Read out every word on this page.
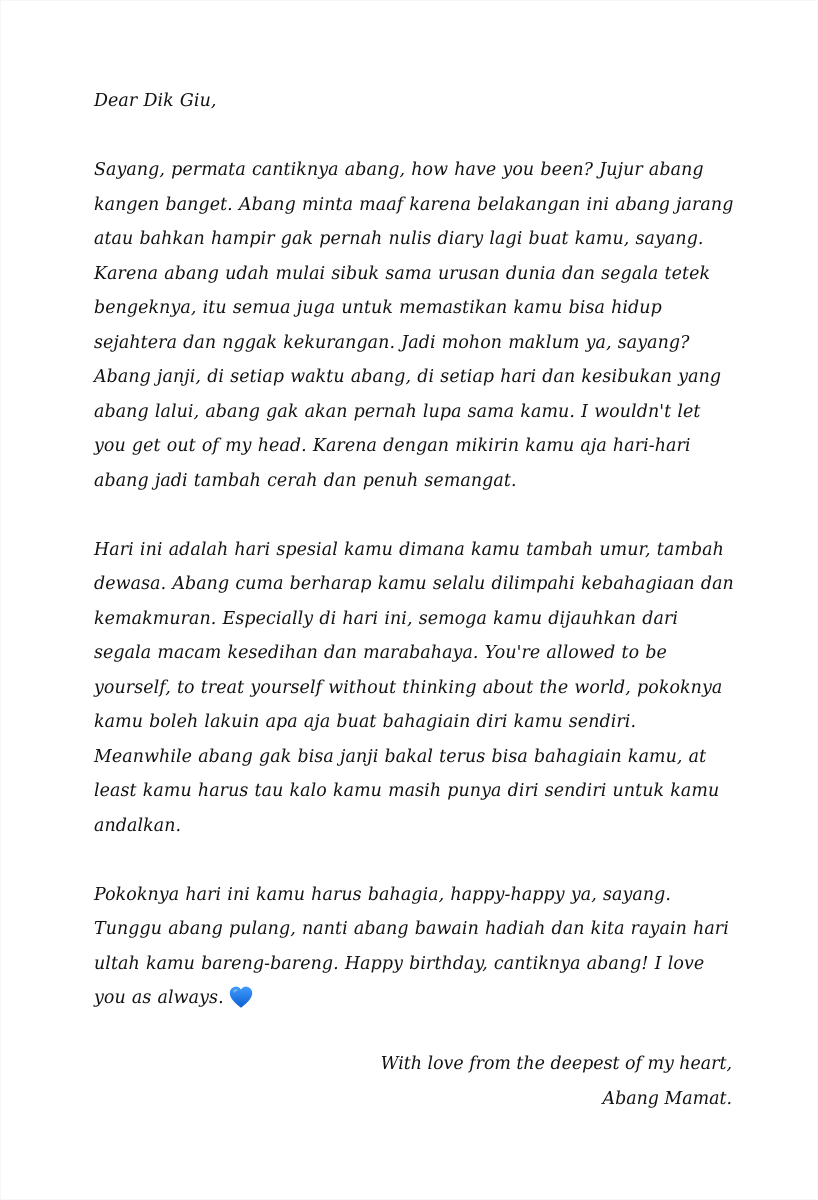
Dear Dik Giu,

Sayang, permata cantiknya abang, how have you been? Jujur abang kangen banget. Abang minta maaf karena belakangan ini abang jarang atau bahkan hampir gak pernah nulis diary lagi buat kamu, sayang. Karena abang udah mulai sibuk sama urusan dunia dan segala tetek bengeknya, itu semua juga untuk memastikan kamu bisa hidup sejahtera dan nggak kekurangan. Jadi mohon maklum ya, sayang? Abang janji, di setiap waktu abang, di setiap hari dan kesibukan yang abang lalui, abang gak akan pernah lupa sama kamu. I wouldn't let you get out of my head. Karena dengan mikirin kamu aja hari-hari abang jadi tambah cerah dan penuh semangat.

Hari ini adalah hari spesial kamu dimana kamu tambah umur, tambah dewasa. Abang cuma berharap kamu selalu dilimpahi kebahagiaan dan kemakmuran. Especially di hari ini, semoga kamu dijauhkan dari segala macam kesedihan dan marabahaya. You're allowed to be yourself, to treat yourself without thinking about the world, pokoknya kamu boleh lakuin apa aja buat bahagiain diri kamu sendiri. Meanwhile abang gak bisa janji bakal terus bisa bahagiain kamu, at least kamu harus tau kalo kamu masih punya diri sendiri untuk kamu andalkan.

Pokoknya hari ini kamu harus bahagia, happy-happy ya, sayang. Tunggu abang pulang, nanti abang bawain hadiah dan kita rayain hari ultah kamu bareng-bareng. Happy birthday, cantiknya abang! I love you as always.

With love from the deepest of my heart,
Abang Mamat.
